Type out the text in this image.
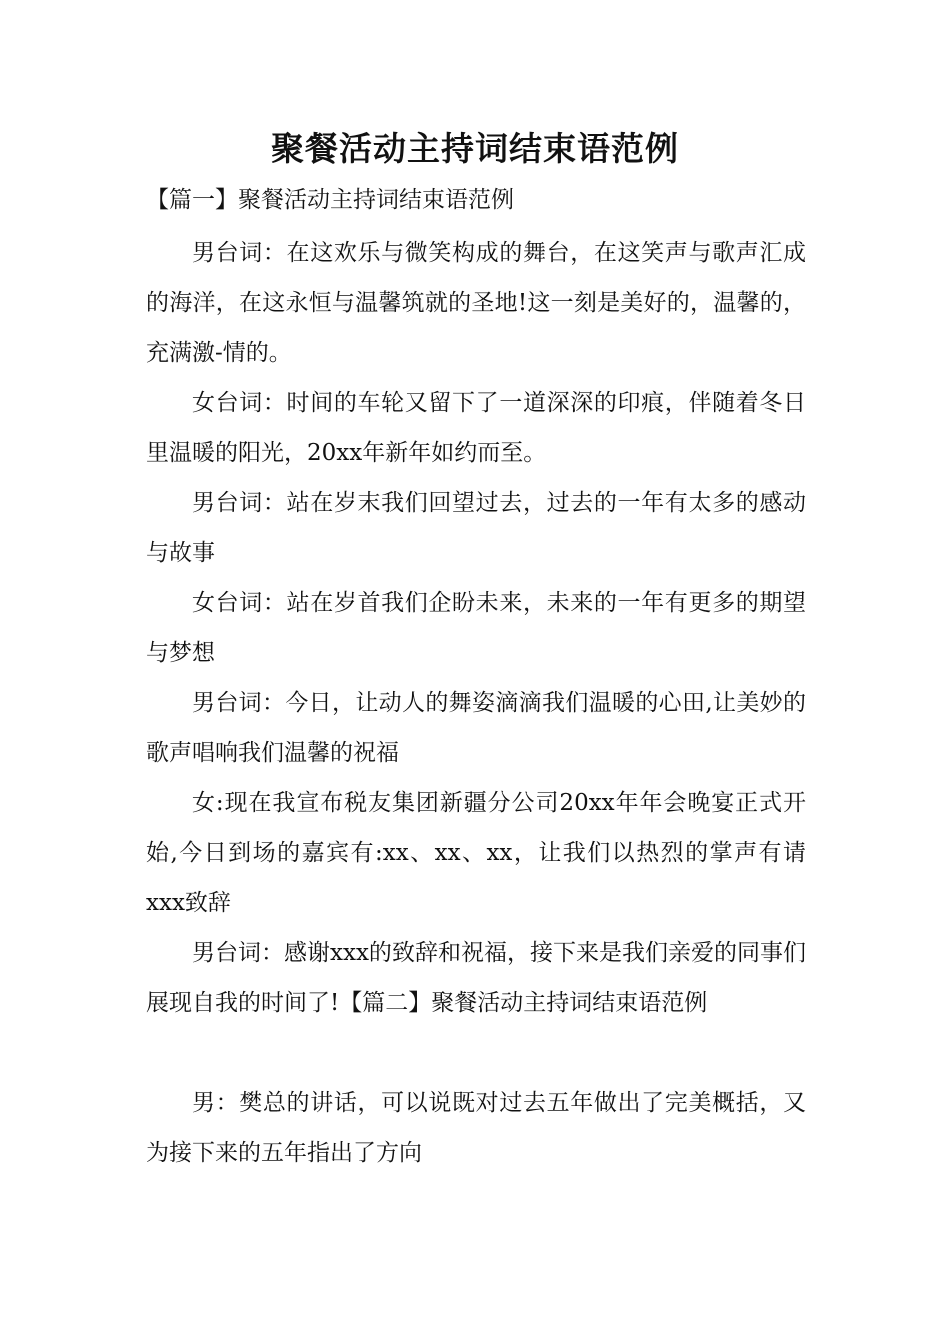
聚餐活动主持词结束语范例
【篇一】聚餐活动主持词结束语范例

男台词：在这欢乐与微笑构成的舞台，在这笑声与歌声汇成的海洋，在这永恒与温馨筑就的圣地!这一刻是美好的，温馨的，充满激-情的。

女台词：时间的车轮又留下了一道深深的印痕，伴随着冬日里温暖的阳光，20xx年新年如约而至。

男台词：站在岁末我们回望过去，过去的一年有太多的感动与故事

女台词：站在岁首我们企盼未来，未来的一年有更多的期望与梦想

男台词：今日，让动人的舞姿滴滴我们温暖的心田,让美妙的歌声唱响我们温馨的祝福

女:现在我宣布税友集团新疆分公司20xx年年会晚宴正式开始,今日到场的嘉宾有:xx、xx、xx，让我们以热烈的掌声有请xxx致辞

男台词：感谢xxx的致辞和祝福，接下来是我们亲爱的同事们展现自我的时间了!【篇二】聚餐活动主持词结束语范例

男：樊总的讲话，可以说既对过去五年做出了完美概括，又为接下来的五年指出了方向
